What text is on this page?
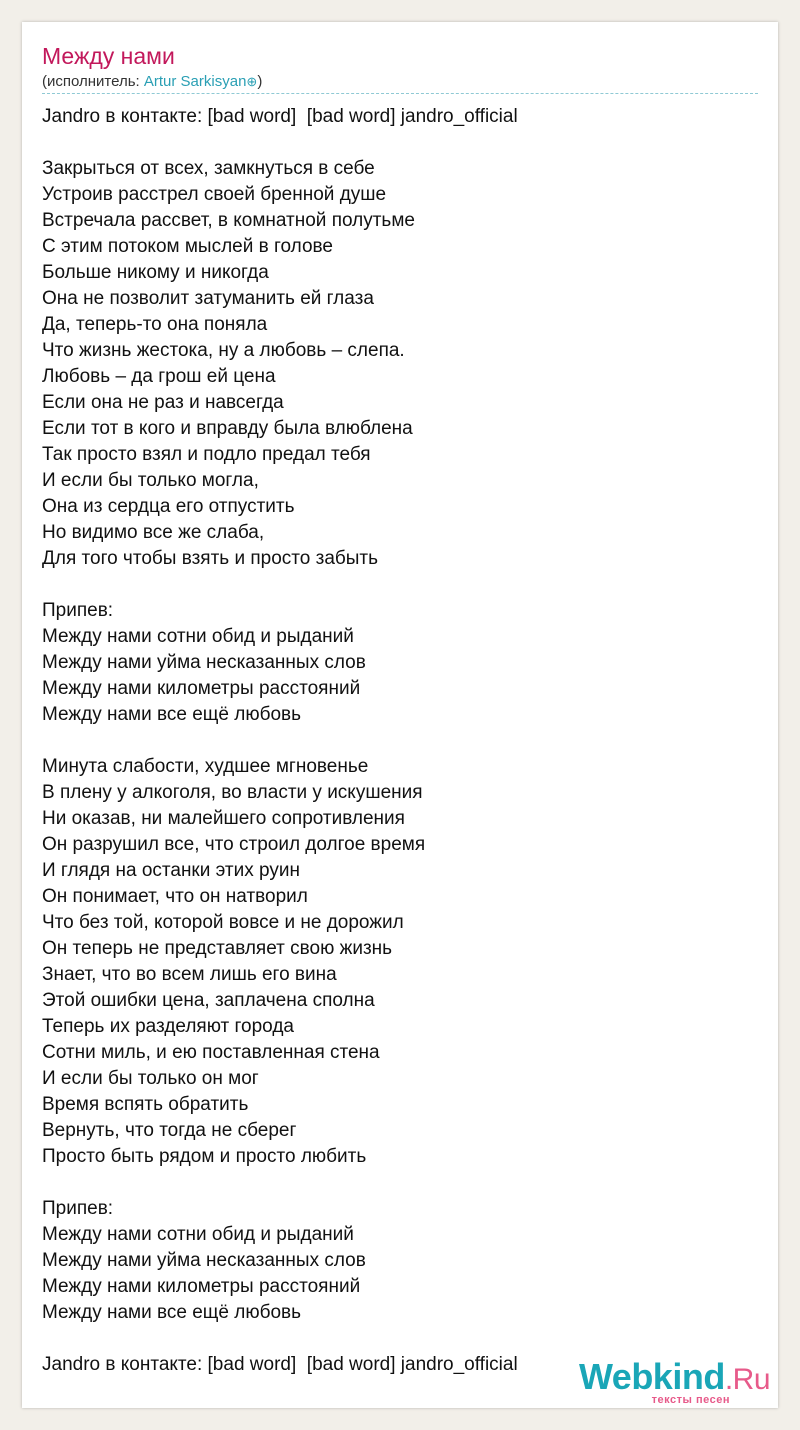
Между нами
(исполнитель: Artur Sarkisyan⊕)
Jandro в контакте: [bad word]  [bad word] jandro_official
Закрыться от всех, замкнуться в себе
Устроив расстрел своей бренной душе
Встречала рассвет, в комнатной полутьме
С этим потоком мыслей в голове
Больше никому и никогда
Она не позволит затуманить ей глаза
Да, теперь-то она поняла
Что жизнь жестока, ну а любовь – слепа.
Любовь – да грош ей цена
Если она не раз и навсегда
Если тот в кого и вправду была влюблена
Так просто взял и подло предал тебя
И если бы только могла,
Она из сердца его отпустить
Но видимо все же слаба,
Для того чтобы взять и просто забыть
Припев:
Между нами сотни обид и рыданий
Между нами уйма несказанных слов
Между нами километры расстояний
Между нами все ещё любовь
Минута слабости, худшее мгновенье
В плену у алкоголя, во власти у искушения
Ни оказав, ни малейшего сопротивления
Он разрушил все, что строил долгое время
И глядя на останки этих руин
Он понимает, что он натворил
Что без той, которой вовсе и не дорожил
Он теперь не представляет свою жизнь
Знает, что во всем лишь его вина
Этой ошибки цена, заплачена сполна
Теперь их разделяют города
Сотни миль, и ею поставленная стена
И если бы только он мог
Время вспять обратить
Вернуть, что тогда не сберег
Просто быть рядом и просто любить
Припев:
Между нами сотни обид и рыданий
Между нами уйма несказанных слов
Между нами километры расстояний
Между нами все ещё любовь
Jandro в контакте: [bad word]  [bad word] jandro_official Webkind.Ru
тексты песен
